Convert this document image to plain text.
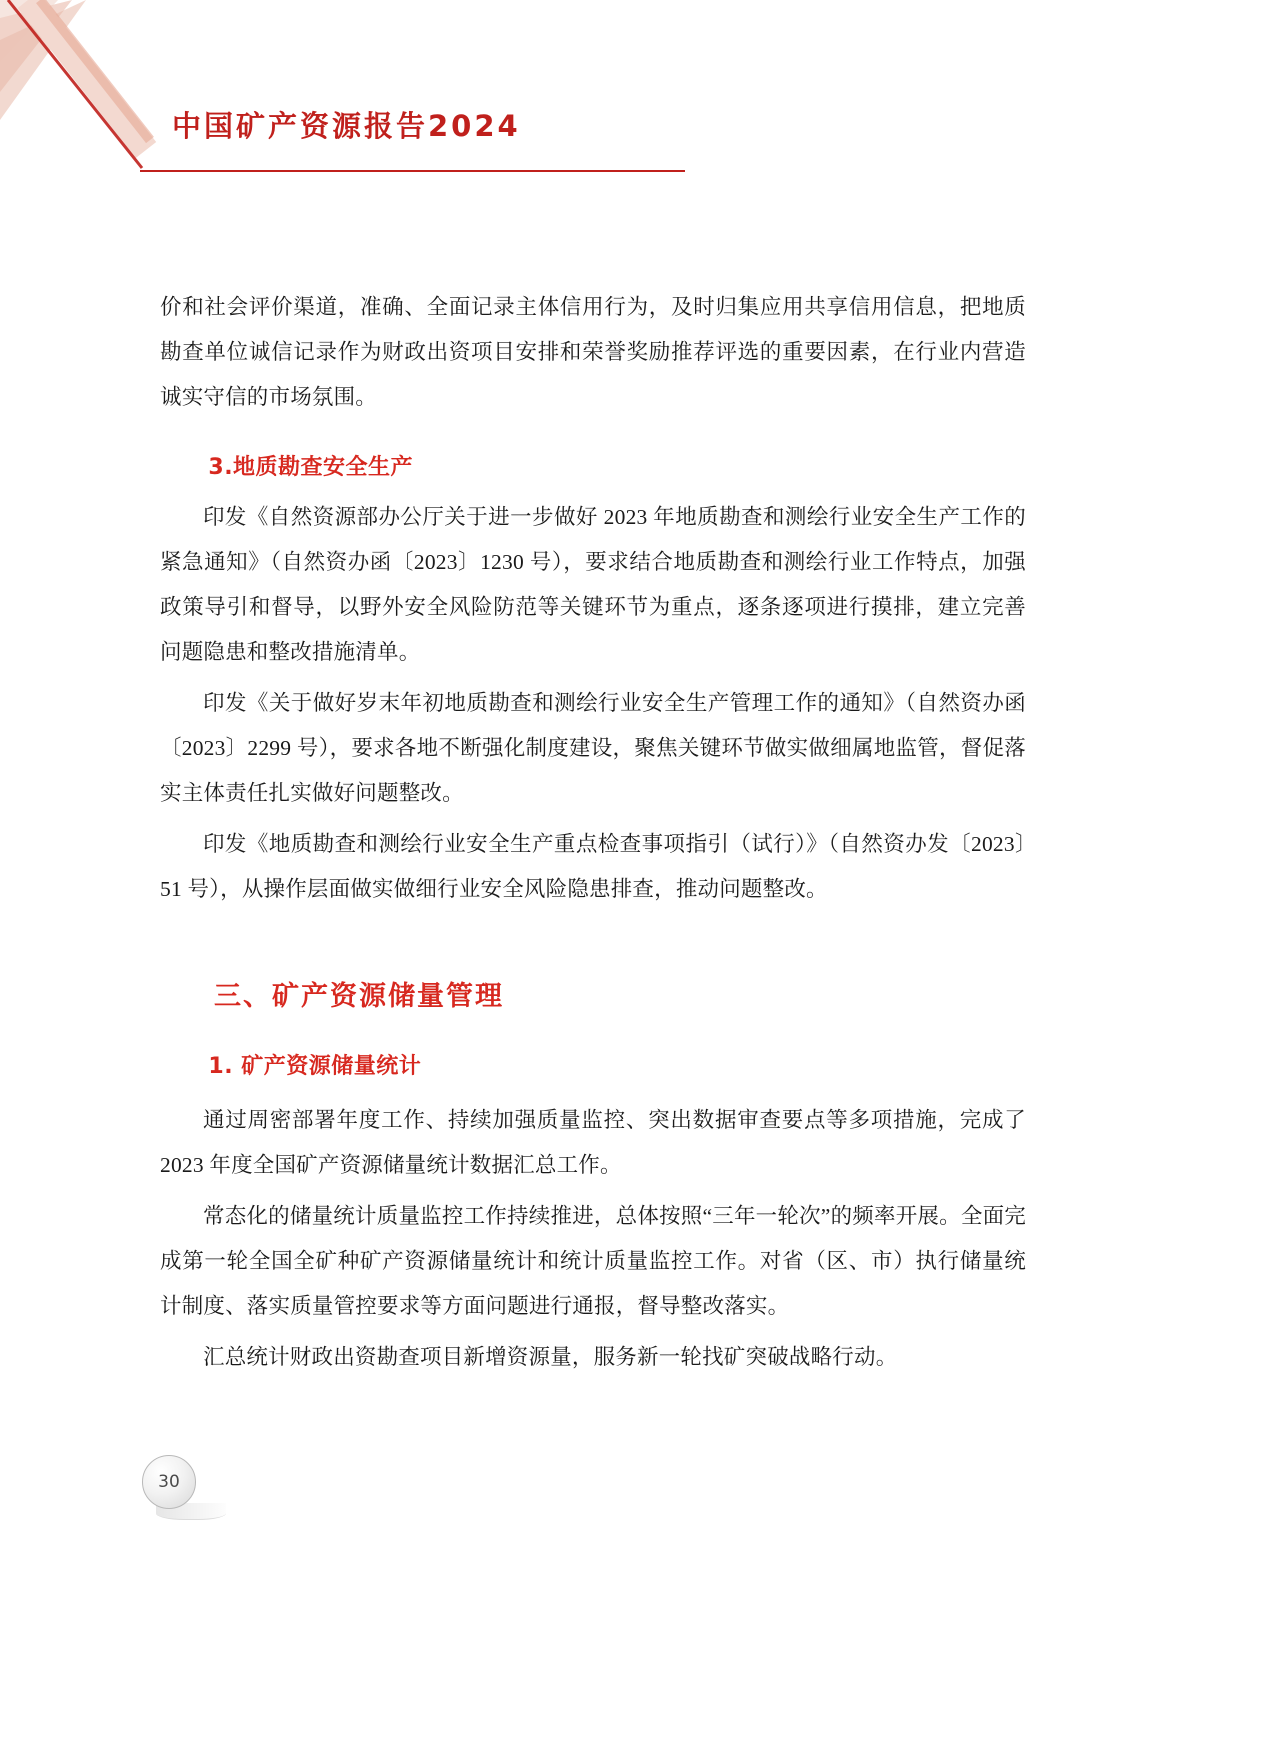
中国矿产资源报告2024

价和社会评价渠道，准确、全面记录主体信用行为，及时归集应用共享信用信息，把地质勘查单位诚信记录作为财政出资项目安排和荣誉奖励推荐评选的重要因素，在行业内营造诚实守信的市场氛围。

3.地质勘查安全生产

印发《自然资源部办公厅关于进一步做好 2023 年地质勘查和测绘行业安全生产工作的紧急通知》（自然资办函〔2023〕1230 号），要求结合地质勘查和测绘行业工作特点，加强政策导引和督导，以野外安全风险防范等关键环节为重点，逐条逐项进行摸排，建立完善问题隐患和整改措施清单。

印发《关于做好岁末年初地质勘查和测绘行业安全生产管理工作的通知》（自然资办函〔2023〕2299 号），要求各地不断强化制度建设，聚焦关键环节做实做细属地监管，督促落实主体责任扎实做好问题整改。

印发《地质勘查和测绘行业安全生产重点检查事项指引（试行）》（自然资办发〔2023〕51 号），从操作层面做实做细行业安全风险隐患排查，推动问题整改。

三、矿产资源储量管理
1. 矿产资源储量统计

通过周密部署年度工作、持续加强质量监控、突出数据审查要点等多项措施，完成了 2023 年度全国矿产资源储量统计数据汇总工作。

常态化的储量统计质量监控工作持续推进，总体按照“三年一轮次”的频率开展。全面完成第一轮全国全矿种矿产资源储量统计和统计质量监控工作。对省（区、市）执行储量统计制度、落实质量管控要求等方面问题进行通报，督导整改落实。

汇总统计财政出资勘查项目新增资源量，服务新一轮找矿突破战略行动。

30
